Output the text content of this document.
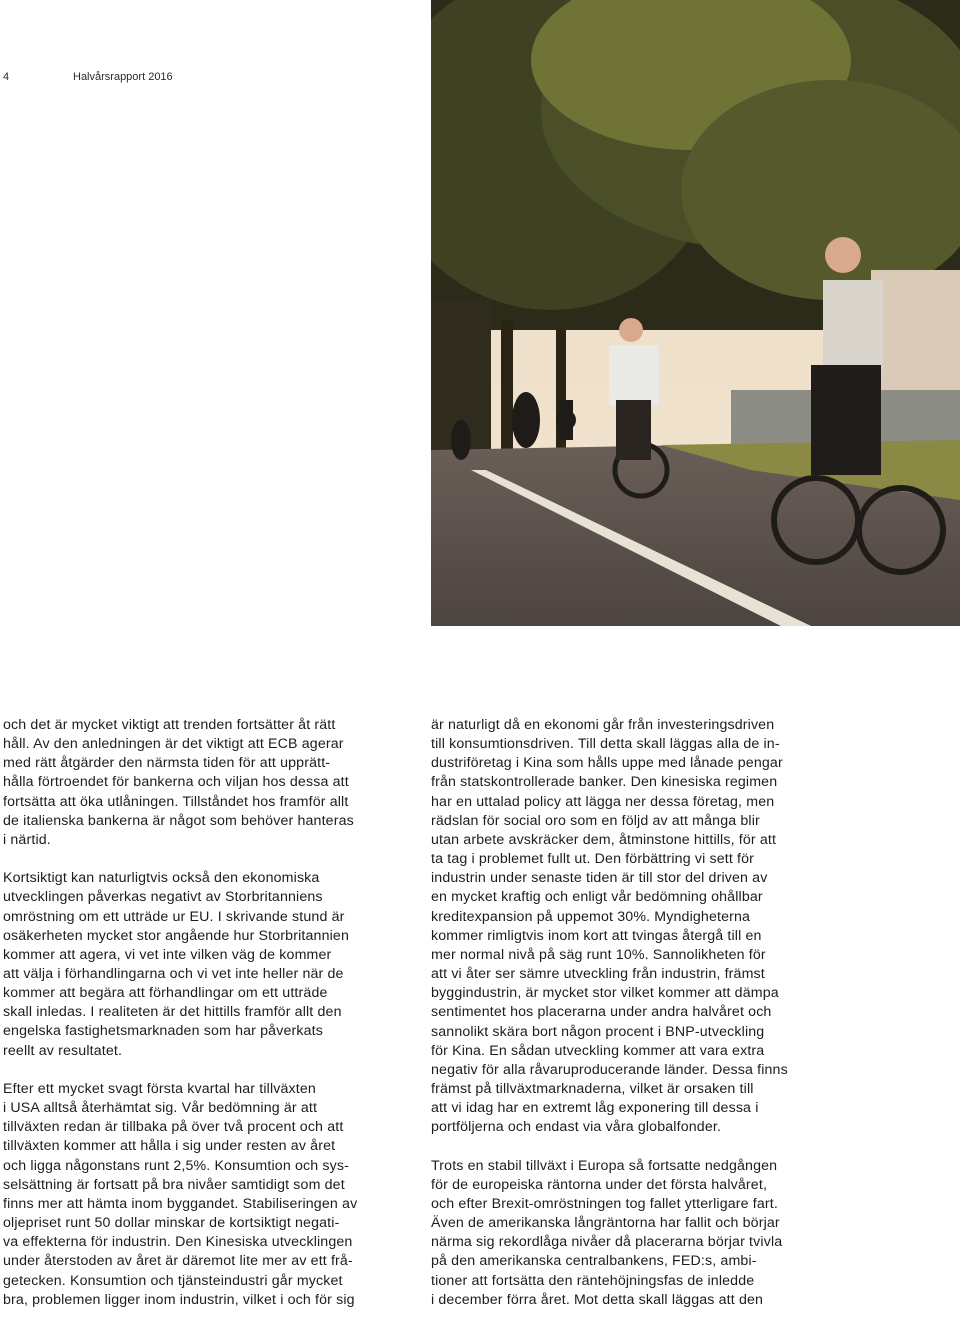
4	Halvårsrapport 2016

och det är mycket viktigt att trenden fortsätter åt rätt
håll. Av den anledningen är det viktigt att ECB agerar
med rätt åtgärder den närmsta tiden för att upprätt-
hålla förtroendet för bankerna och viljan hos dessa att
fortsätta att öka utlåningen. Tillståndet hos framför allt
de italienska bankerna är något som behöver hanteras
i närtid.

Kortsiktigt kan naturligtvis också den ekonomiska
utvecklingen påverkas negativt av Storbritanniens
omröstning om ett utträde ur EU. I skrivande stund är
osäkerheten mycket stor angående hur Storbritannien
kommer att agera, vi vet inte vilken väg de kommer
att välja i förhandlingarna och vi vet inte heller när de
kommer att begära att förhandlingar om ett utträde
skall inledas. I realiteten är det hittills framför allt den
engelska fastighetsmarknaden som har påverkats
reellt av resultatet.

Efter ett mycket svagt första kvartal har tillväxten
i USA alltså återhämtat sig. Vår bedömning är att
tillväxten redan är tillbaka på över två procent och att
tillväxten kommer att hålla i sig under resten av året
och ligga någonstans runt 2,5%. Konsumtion och sys-
selsättning är fortsatt på bra nivåer samtidigt som det
finns mer att hämta inom byggandet. Stabiliseringen av
oljepriset runt 50 dollar minskar de kortsiktigt negati-
va effekterna för industrin. Den Kinesiska utvecklingen
under återstoden av året är däremot lite mer av ett frå-
getecken. Konsumtion och tjänsteindustri går mycket
bra, problemen ligger inom industrin, vilket i och för sig

är naturligt då en ekonomi går från investeringsdriven
till konsumtionsdriven. Till detta skall läggas alla de in-
dustriföretag i Kina som hålls uppe med lånade pengar
från statskontrollerade banker. Den kinesiska regimen
har en uttalad policy att lägga ner dessa företag, men
rädslan för social oro som en följd av att många blir
utan arbete avskräcker dem, åtminstone hittills, för att
ta tag i problemet fullt ut. Den förbättring vi sett för
industrin under senaste tiden är till stor del driven av
en mycket kraftig och enligt vår bedömning ohållbar
kreditexpansion på uppemot 30%. Myndigheterna
kommer rimligtvis inom kort att tvingas återgå till en
mer normal nivå på säg runt 10%. Sannolikheten för
att vi åter ser sämre utveckling från industrin, främst
byggindustrin, är mycket stor vilket kommer att dämpa
sentimentet hos placerarna under andra halvåret och
sannolikt skära bort någon procent i BNP-utveckling
för Kina. En sådan utveckling kommer att vara extra
negativ för alla råvaruproducerande länder. Dessa finns
främst på tillväxtmarknaderna, vilket är orsaken till
att vi idag har en extremt låg exponering till dessa i
portföljerna och endast via våra globalfonder.

Trots en stabil tillväxt i Europa så fortsatte nedgången
för de europeiska räntorna under det första halvåret,
och efter Brexit-omröstningen tog fallet ytterligare fart.
Även de amerikanska långräntorna har fallit och börjar
närma sig rekordlåga nivåer då placerarna börjar tvivla
på den amerikanska centralbankens, FED:s, ambi-
tioner att fortsätta den räntehöjningsfas de inledde
i december förra året. Mot detta skall läggas att den
